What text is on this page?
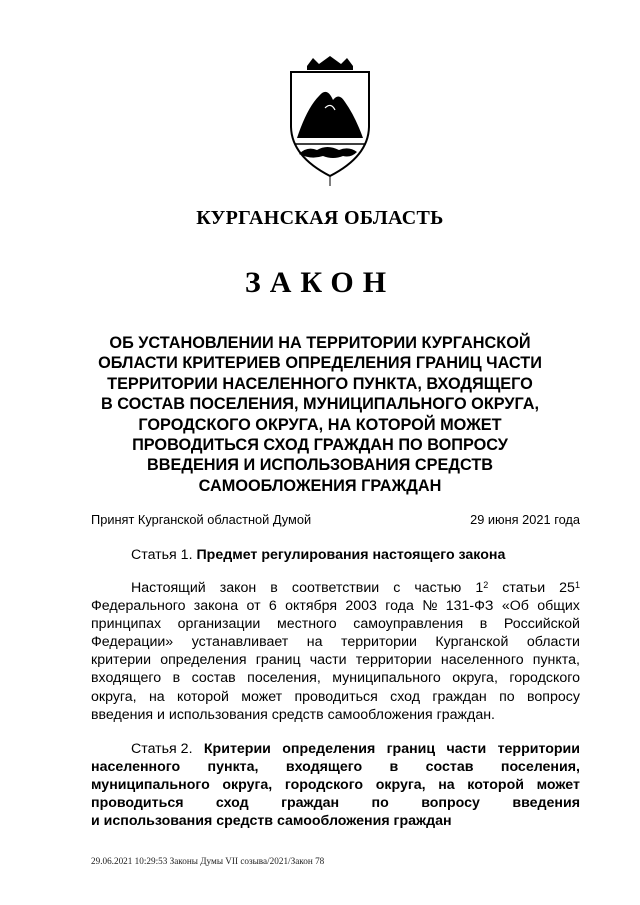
КУРГАНСКАЯ ОБЛАСТЬ
ЗАКОН
ОБ УСТАНОВЛЕНИИ НА ТЕРРИТОРИИ КУРГАНСКОЙ
ОБЛАСТИ КРИТЕРИЕВ ОПРЕДЕЛЕНИЯ ГРАНИЦ ЧАСТИ
ТЕРРИТОРИИ НАСЕЛЕННОГО ПУНКТА, ВХОДЯЩЕГО
В СОСТАВ ПОСЕЛЕНИЯ, МУНИЦИПАЛЬНОГО ОКРУГА,
ГОРОДСКОГО ОКРУГА, НА КОТОРОЙ МОЖЕТ
ПРОВОДИТЬСЯ СХОД ГРАЖДАН ПО ВОПРОСУ
ВВЕДЕНИЯ И ИСПОЛЬЗОВАНИЯ СРЕДСТВ
САМООБЛОЖЕНИЯ ГРАЖДАН
Принят Курганской областной Думой	29 июня 2021 года
Статья 1. Предмет регулирования настоящего закона
Настоящий закон в соответствии с частью $1^2$ статьи $25^1$
Федерального закона от 6 октября 2003 года № 131-ФЗ «Об общих
принципах организации местного самоуправления в Российской
Федерации» устанавливает на территории Курганской области
критерии определения границ части территории населенного пункта,
входящего в состав поселения, муниципального округа, городского
округа, на которой может проводиться сход граждан по вопросу
введения и использования средств самообложения граждан.
Статья 2. Критерии определения границ части территории
населенного пункта, входящего в состав поселения,
муниципального округа, городского округа, на которой может
проводиться сход граждан по вопросу введения
и использования средств самообложения граждан
29.06.2021 10:29:53 Законы Думы VII созыва/2021/Закон 78
